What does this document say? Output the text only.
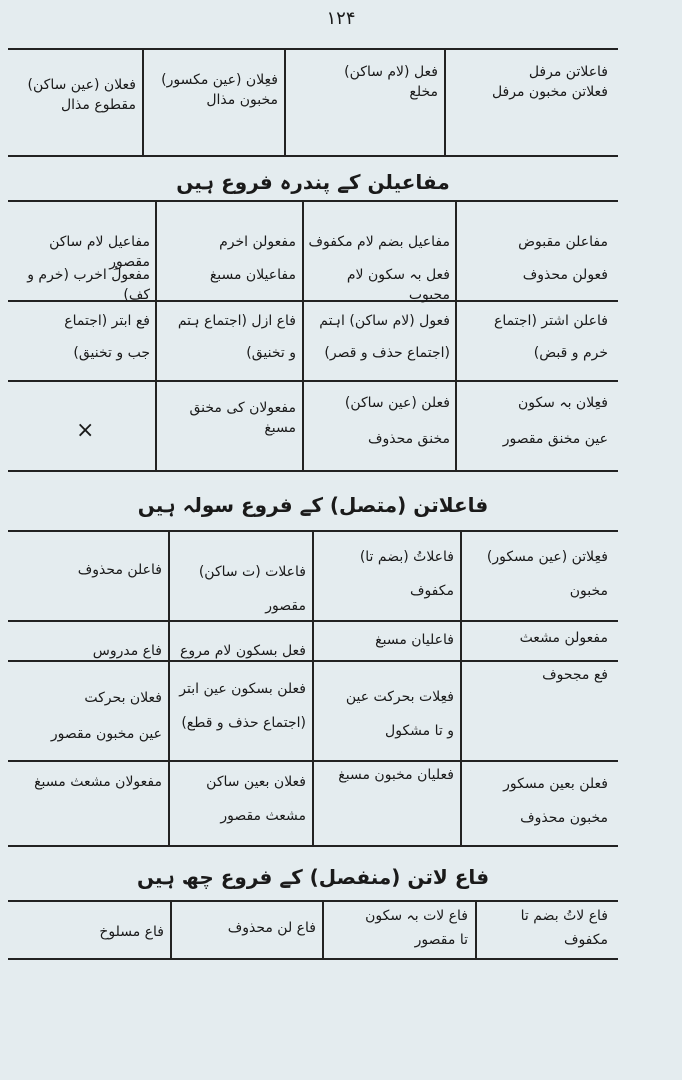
۱۲۴
فاعلاتن مرفل
فعلاتن مخبون مرفل
فعل (لام ساکن)
مخلع
فعِلان (عین مکسور)
مخبون مذال
فعلان (عین ساکن)
مقطوع مذال
مفاعیلن کے پندرہ فروع ہیں
مفاعلن مقبوض
مفاعیل بضم لام مکفوف
مفعولن اخرم
مفاعیل لام ساکن مقصور
فعولن محذوف
فعل بہ سکون لام مجبوب
مفاعیلان مسبغ
مفعولُ اخرب (خرم و کف)
فاعلن اشتر (اجتماع
خرم و قبض)
فعول (لام ساکن) اہتم
(اجتماع حذف و قصر)
فاع ازل (اجتماع ہتم
و تخنیق)
فع ابتر (اجتماع
جب و تخنیق)
فعِلان بہ سکون
عین مخنق مقصور
فعلن (عین ساکن)
مخنق محذوف
مفعولان کی مخنق مسبغ
×
فاعلاتن (متصل) کے فروع سولہ ہیں
فعِلاتن (عین مسکور)
مخبون
فاعلاتُ (بضم تا)
مکفوف
فاعلات (ت ساکن)
مقصور
فاعلن محذوف
مفعولن مشعث
فاعلیان مسبغ
فعل بسکون لام مروع
فاع مدروس
فع مجحوف
فعِلات بحرکت عین
و تا مشکول
فعلن بسکون عین ابتر
(اجتماع حذف و قطع)
فعلان بحرکت
عین مخبون مقصور
فعلن بعین مسکور
مخبون محذوف
فعلیان مخبون مسبغ
فعلان بعین ساکن
مشعث مقصور
مفعولان مشعث مسبغ
فاع لاتن (منفصل) کے فروع چھ ہیں
فاع لاتُ بضم تا
مکفوف
فاع لات بہ سکون
تا مقصور
فاع لن محذوف
فاع مسلوخ
